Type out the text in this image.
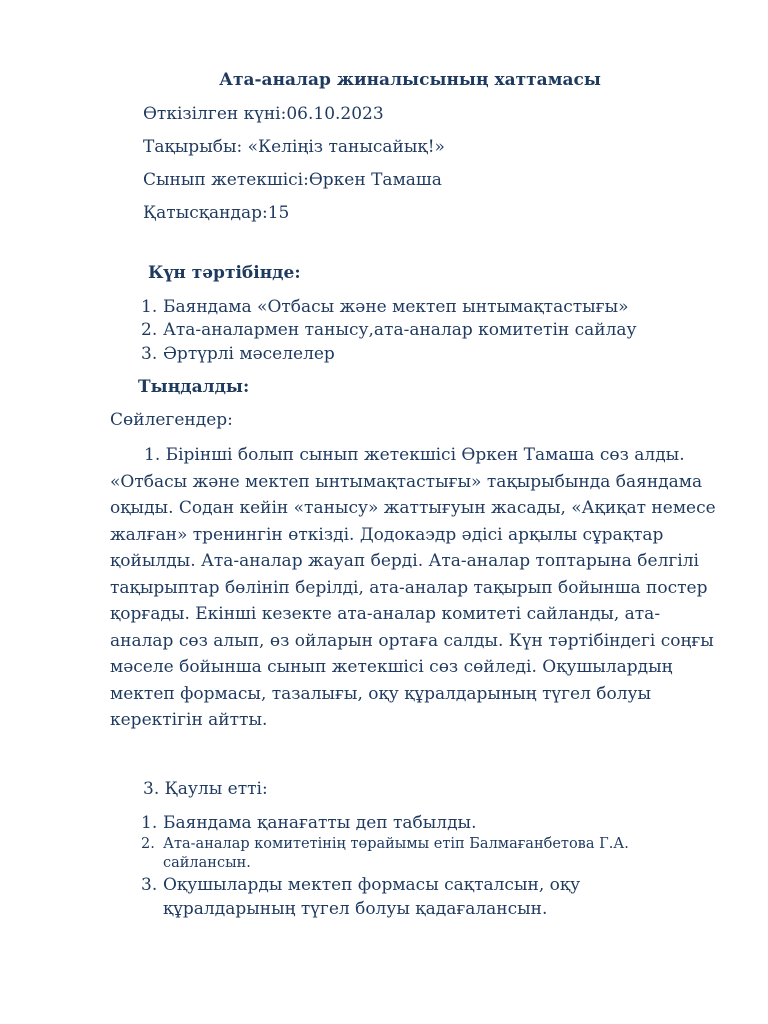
Ата-аналар жиналысының хаттамасы
Өткізілген күні:06.10.2023
Тақырыбы: «Келіңіз танысайық!»
Сынып жетекшісі:Өркен Тамаша
Қатысқандар:15
Күн тәртібінде:
1. Баяндама «Отбасы және мектеп ынтымақтастығы»
2. Ата-аналармен танысу,ата-аналар комитетін сайлау
3. Әртүрлі мәселелер
Тыңдалды:
Сөйлегендер:
1. Бірінші болып сынып жетекшісі Өркен Тамаша сөз алды. «Отбасы және мектеп ынтымақтастығы» тақырыбында баяндама оқыды. Содан кейін «танысу» жаттығуын жасады, «Ақиқат немесе жалған» тренингін өткізді. Додокаэдр әдісі арқылы сұрақтар қойылды. Ата-аналар жауап берді. Ата-аналар топтарына белгілі тақырыптар бөлініп берілді, ата-аналар тақырып бойынша постер қорғады. Екінші кезекте ата-аналар комитеті сайланды, ата-аналар сөз алып, өз ойларын ортаға салды. Күн тәртібіндегі соңғы мәселе бойынша сынып жетекшісі сөз сөйледі. Оқушылардың мектеп формасы, тазалығы, оқу құралдарының түгел болуы керектігін айтты.
3. Қаулы етті:
1. Баяндама қанағатты деп табылды.
2. Ата-аналар комитетінің төрайымы етіп Балмағанбетова Г.А.
сайлансын.
3. Оқушыларды мектеп формасы сақталсын, оқу
құралдарының түгел болуы қадағалансын.
